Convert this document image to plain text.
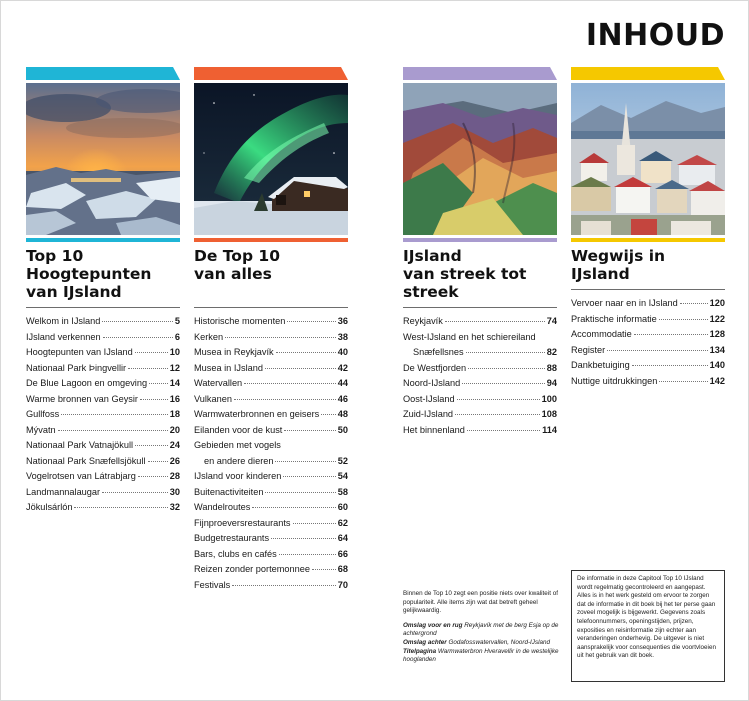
INHOUD
Top 10
Hoogtepunten
van IJsland
Welkom in IJsland	5
IJsland verkennen	6
Hoogtepunten van IJsland	10
Nationaal Park Þingvellir	12
De Blue Lagoon en omgeving 14
Warme bronnen van Geysir	16
Gullfoss	18
Mývatn	20
Nationaal Park Vatnajökull	24
Nationaal Park Snæfellsjökull	26
Vogelrotsen van Látrabjarg	28
Landmannalaugar	30
Jökulsárlón	32
De Top 10
van alles
Historische momenten	36
Kerken	38
Musea in Reykjavík	40
Musea in IJsland	42
Watervallen	44
Vulkanen	46
Warmwaterbronnen en geisers 48
Eilanden voor de kust	50
Gebieden met vogels
en andere dieren	52
IJsland voor kinderen	54
Buitenactiviteiten	58
Wandelroutes	60
Fijnproeversrestaurants	62
Budgetrestaurants	64
Bars, clubs en cafés	66
Reizen zonder portemonnee	68
Festivals	70
IJsland
van streek tot
streek
Reykjavík	74
West-IJsland en het schiereiland
Snæfellsnes	82
De Westfjorden	88
Noord-IJsland	94
Oost-IJsland	100
Zuid-IJsland	108
Het binnenland	114
Wegwijs in IJsland
Vervoer naar en in IJsland	120
Praktische informatie	122
Accommodatie	128
Register	134
Dankbetuiging	140
Nuttige uitdrukkingen	142

Binnen de Top 10 zegt een positie niets over kwaliteit of populariteit. Alle items zijn wat dat betreft geheel gelijkwaardig.

Omslag voor en rug Reykjavík met de berg Esja op de achtergrond

Omslag achter Godafosswatervallen, Noord-IJsland

Titelpagina Warmwaterbron Hveravellir in de westelijke hooglanden

De informatie in deze Capitool Top 10 IJsland wordt regelmatig gecontroleerd en aangepast. Alles is in het werk gesteld om ervoor te zorgen dat de informatie in dit boek bij het ter perse gaan zoveel mogelijk is bijgewerkt. Gegevens zoals telefoonnummers, openingstijden, prijzen, exposities en reisinformatie zijn echter aan veranderingen onderhevig. De uitgever is niet aansprakelijk voor consequenties die voortvloeien uit het gebruik van dit boek.
